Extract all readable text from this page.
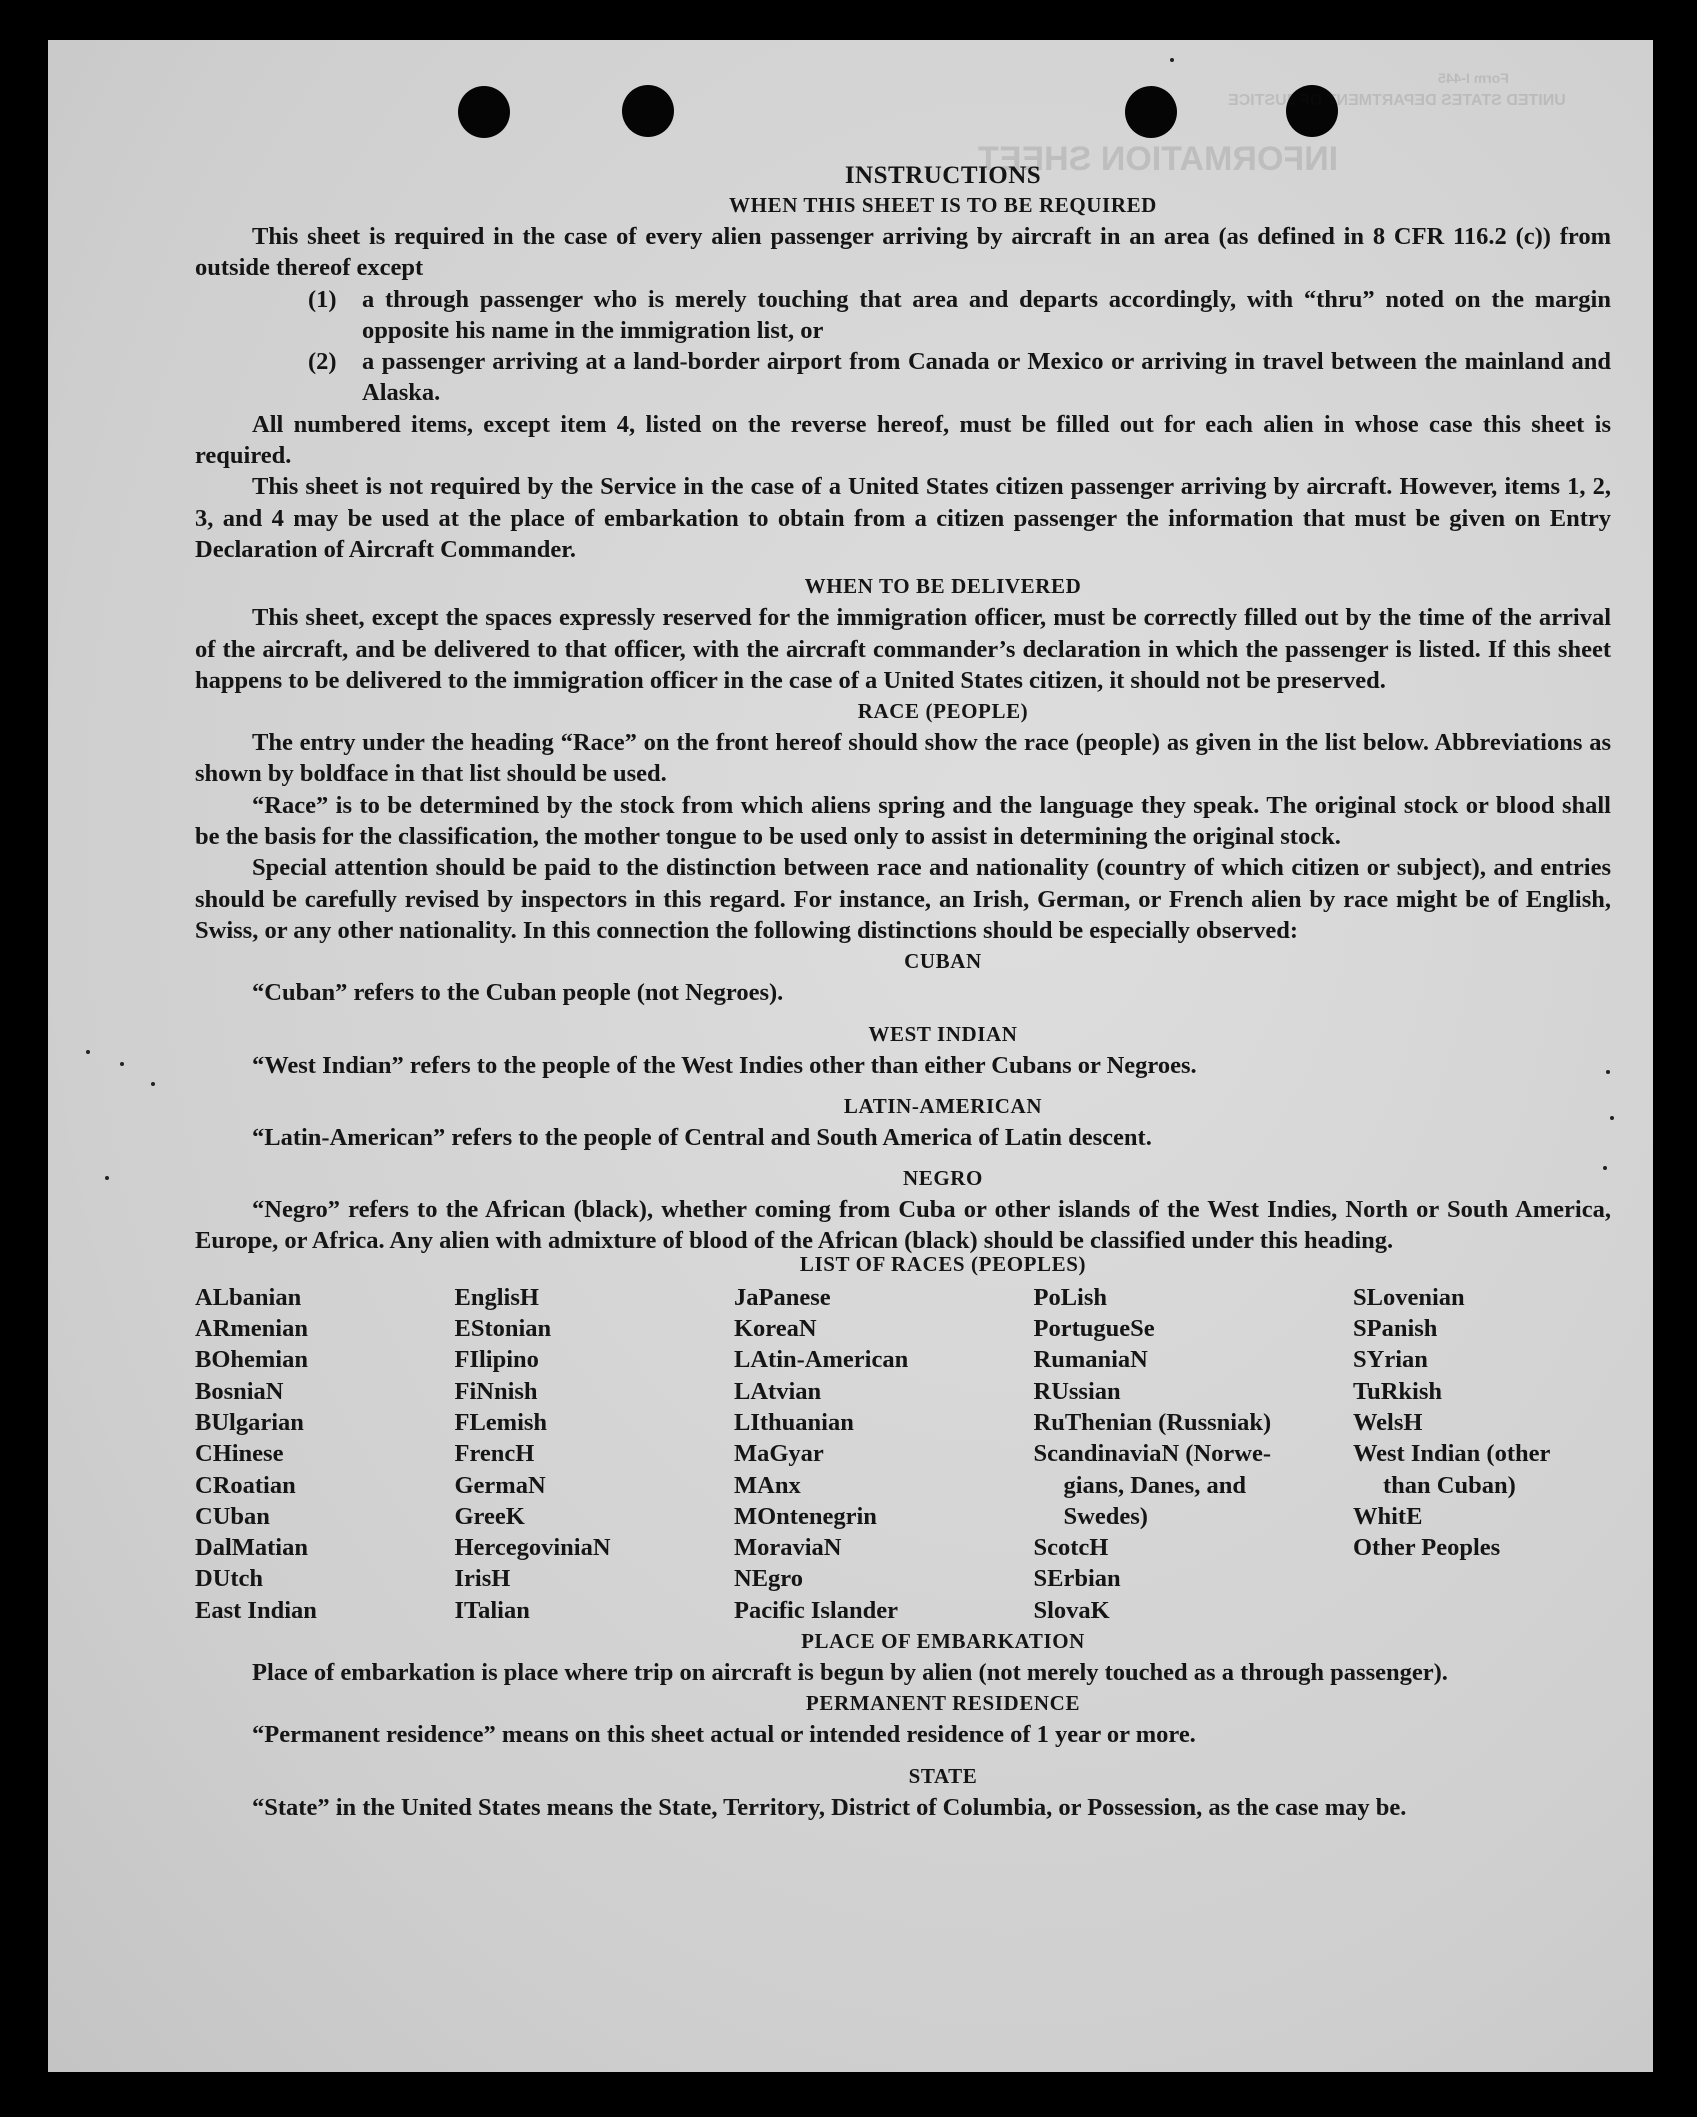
INFORMATION SHEET
UNITED STATES DEPARTMENT OF JUSTICE
Form I-445
INSTRUCTIONS
WHEN THIS SHEET IS TO BE REQUIRED

This sheet is required in the case of every alien passenger arriving by aircraft in an area (as defined in 8 CFR 116.2 (c)) from outside thereof except

(1)	a through passenger who is merely touching that area and departs accordingly, with “thru” noted on the margin opposite his name in the immigration list, or
(2)	a passenger arriving at a land-border airport from Canada or Mexico or arriving in travel between the mainland and Alaska.

All numbered items, except item 4, listed on the reverse hereof, must be filled out for each alien in whose case this sheet is required.

This sheet is not required by the Service in the case of a United States citizen passenger arriving by aircraft. However, items 1, 2, 3, and 4 may be used at the place of embarkation to obtain from a citizen passenger the information that must be given on Entry Declaration of Aircraft Commander.

WHEN TO BE DELIVERED

This sheet, except the spaces expressly reserved for the immigration officer, must be correctly filled out by the time of the arrival of the aircraft, and be delivered to that officer, with the aircraft commander’s declaration in which the passenger is listed. If this sheet happens to be delivered to the immigration officer in the case of a United States citizen, it should not be preserved.

RACE (PEOPLE)

The entry under the heading “Race” on the front hereof should show the race (people) as given in the list below. Abbreviations as shown by boldface in that list should be used.

“Race” is to be determined by the stock from which aliens spring and the language they speak. The original stock or blood shall be the basis for the classification, the mother tongue to be used only to assist in determining the original stock.

Special attention should be paid to the distinction between race and nationality (country of which citizen or subject), and entries should be carefully revised by inspectors in this regard. For instance, an Irish, German, or French alien by race might be of English, Swiss, or any other nationality. In this connection the following distinctions should be especially observed:

CUBAN

“Cuban” refers to the Cuban people (not Negroes).

WEST INDIAN

“West Indian” refers to the people of the West Indies other than either Cubans or Negroes.

LATIN-AMERICAN

“Latin-American” refers to the people of Central and South America of Latin descent.

NEGRO

“Negro” refers to the African (black), whether coming from Cuba or other islands of the West Indies, North or South America, Europe, or Africa. Any alien with admixture of blood of the African (black) should be classified under this heading.

LIST OF RACES (PEOPLES)
ALbanian
ARmenian
BOhemian
BosniaN
BUlgarian
CHinese
CRoatian
CUban
DalMatian
DUtch
East Indian
EnglisH
EStonian
FIlipino
FiNnish
FLemish
FrencH
GermaN
GreeK
HercegoviniaN
IrisH
ITalian
JaPanese
KoreaN
LAtin-American
LAtvian
LIthuanian
MaGyar
MAnx
MOntenegrin
MoraviaN
NEgro
Pacific Islander
PoLish
PortugueSe
RumaniaN
RUssian
RuThenian (Russniak)
ScandinaviaN (Norwe-
gians, Danes, and
Swedes)
ScotcH
SErbian
SlovaK
SLovenian
SPanish
SYrian
TuRkish
WelsH
West Indian (other
than Cuban)
WhitE
Other Peoples
PLACE OF EMBARKATION

Place of embarkation is place where trip on aircraft is begun by alien (not merely touched as a through passenger).

PERMANENT RESIDENCE

“Permanent residence” means on this sheet actual or intended residence of 1 year or more.

STATE

“State” in the United States means the State, Territory, District of Columbia, or Possession, as the case may be.
